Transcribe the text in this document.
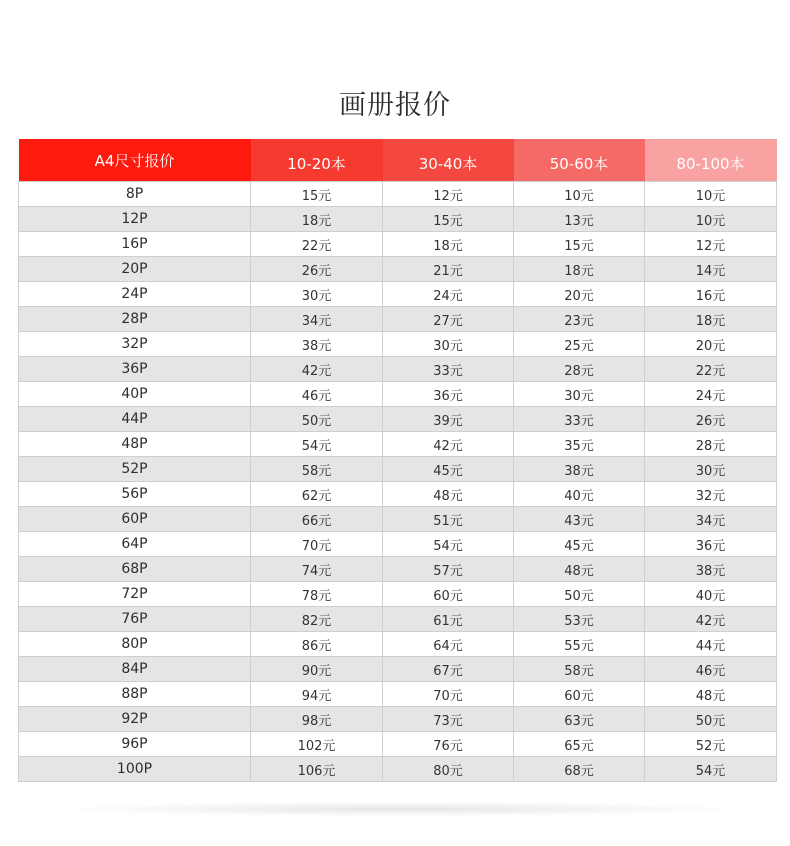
画册报价
A4尺寸报价	10-20本	30-40本	50-60本	80-100本
8P	15元	12元	10元	10元
12P	18元	15元	13元	10元
16P	22元	18元	15元	12元
20P	26元	21元	18元	14元
24P	30元	24元	20元	16元
28P	34元	27元	23元	18元
32P	38元	30元	25元	20元
36P	42元	33元	28元	22元
40P	46元	36元	30元	24元
44P	50元	39元	33元	26元
48P	54元	42元	35元	28元
52P	58元	45元	38元	30元
56P	62元	48元	40元	32元
60P	66元	51元	43元	34元
64P	70元	54元	45元	36元
68P	74元	57元	48元	38元
72P	78元	60元	50元	40元
76P	82元	61元	53元	42元
80P	86元	64元	55元	44元
84P	90元	67元	58元	46元
88P	94元	70元	60元	48元
92P	98元	73元	63元	50元
96P	102元	76元	65元	52元
100P	106元	80元	68元	54元
